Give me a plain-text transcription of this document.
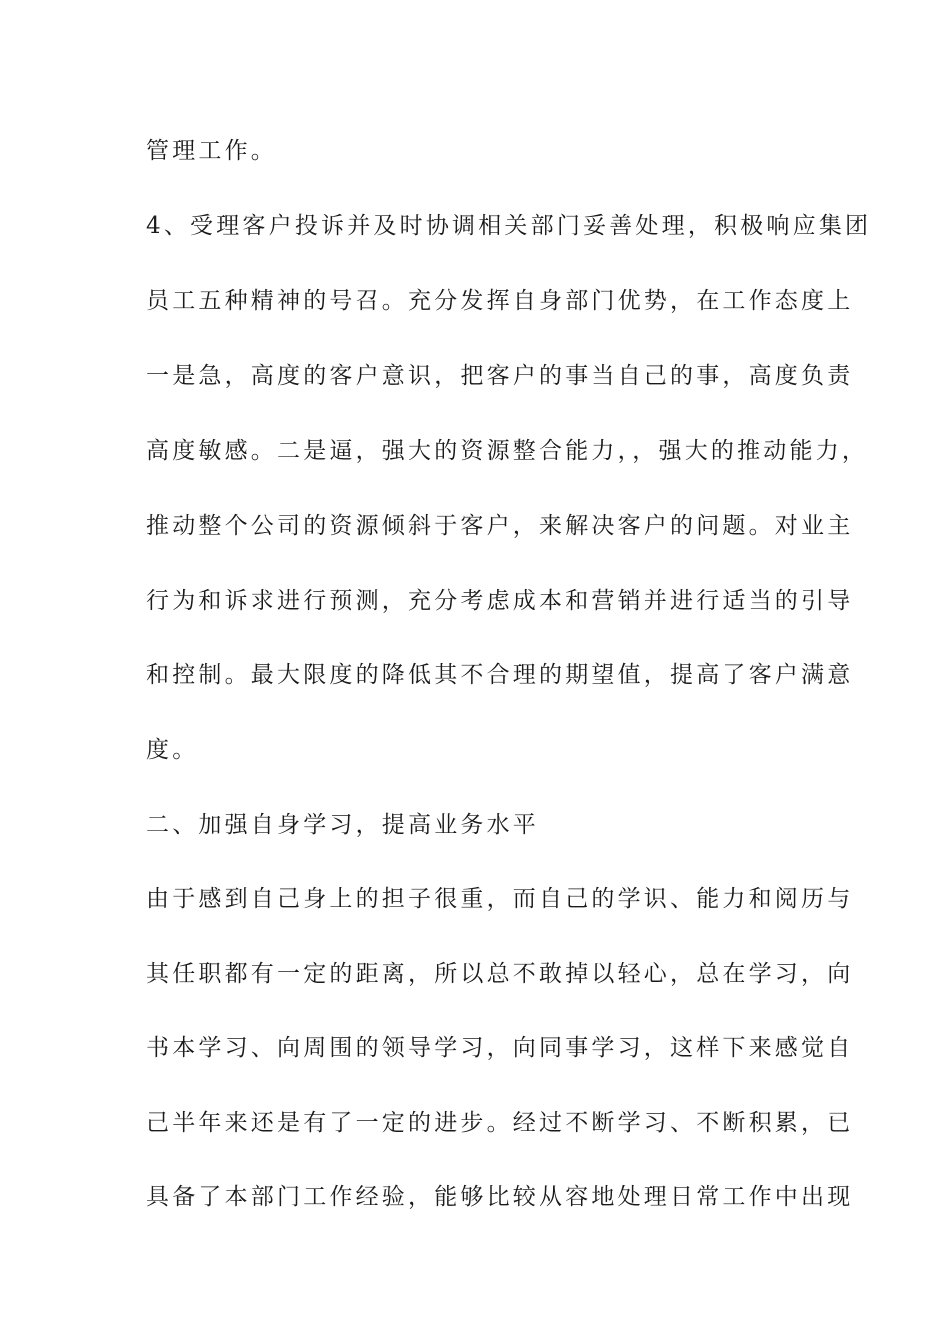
管理工作。
4、受理客户投诉并及时协调相关部门妥善处理，积极响应集团
员工五种精神的号召。充分发挥自身部门优势，在工作态度上
一是急，高度的客户意识，把客户的事当自己的事，高度负责
高度敏感。二是逼，强大的资源整合能力，，强大的推动能力，
推动整个公司的资源倾斜于客户，来解决客户的问题。对业主
行为和诉求进行预测，充分考虑成本和营销并进行适当的引导
和控制。最大限度的降低其不合理的期望值，提高了客户满意
度。
二、加强自身学习，提高业务水平
由于感到自己身上的担子很重，而自己的学识、能力和阅历与
其任职都有一定的距离，所以总不敢掉以轻心，总在学习，向
书本学习、向周围的领导学习，向同事学习，这样下来感觉自
己半年来还是有了一定的进步。经过不断学习、不断积累，已
具备了本部门工作经验，能够比较从容地处理日常工作中出现
